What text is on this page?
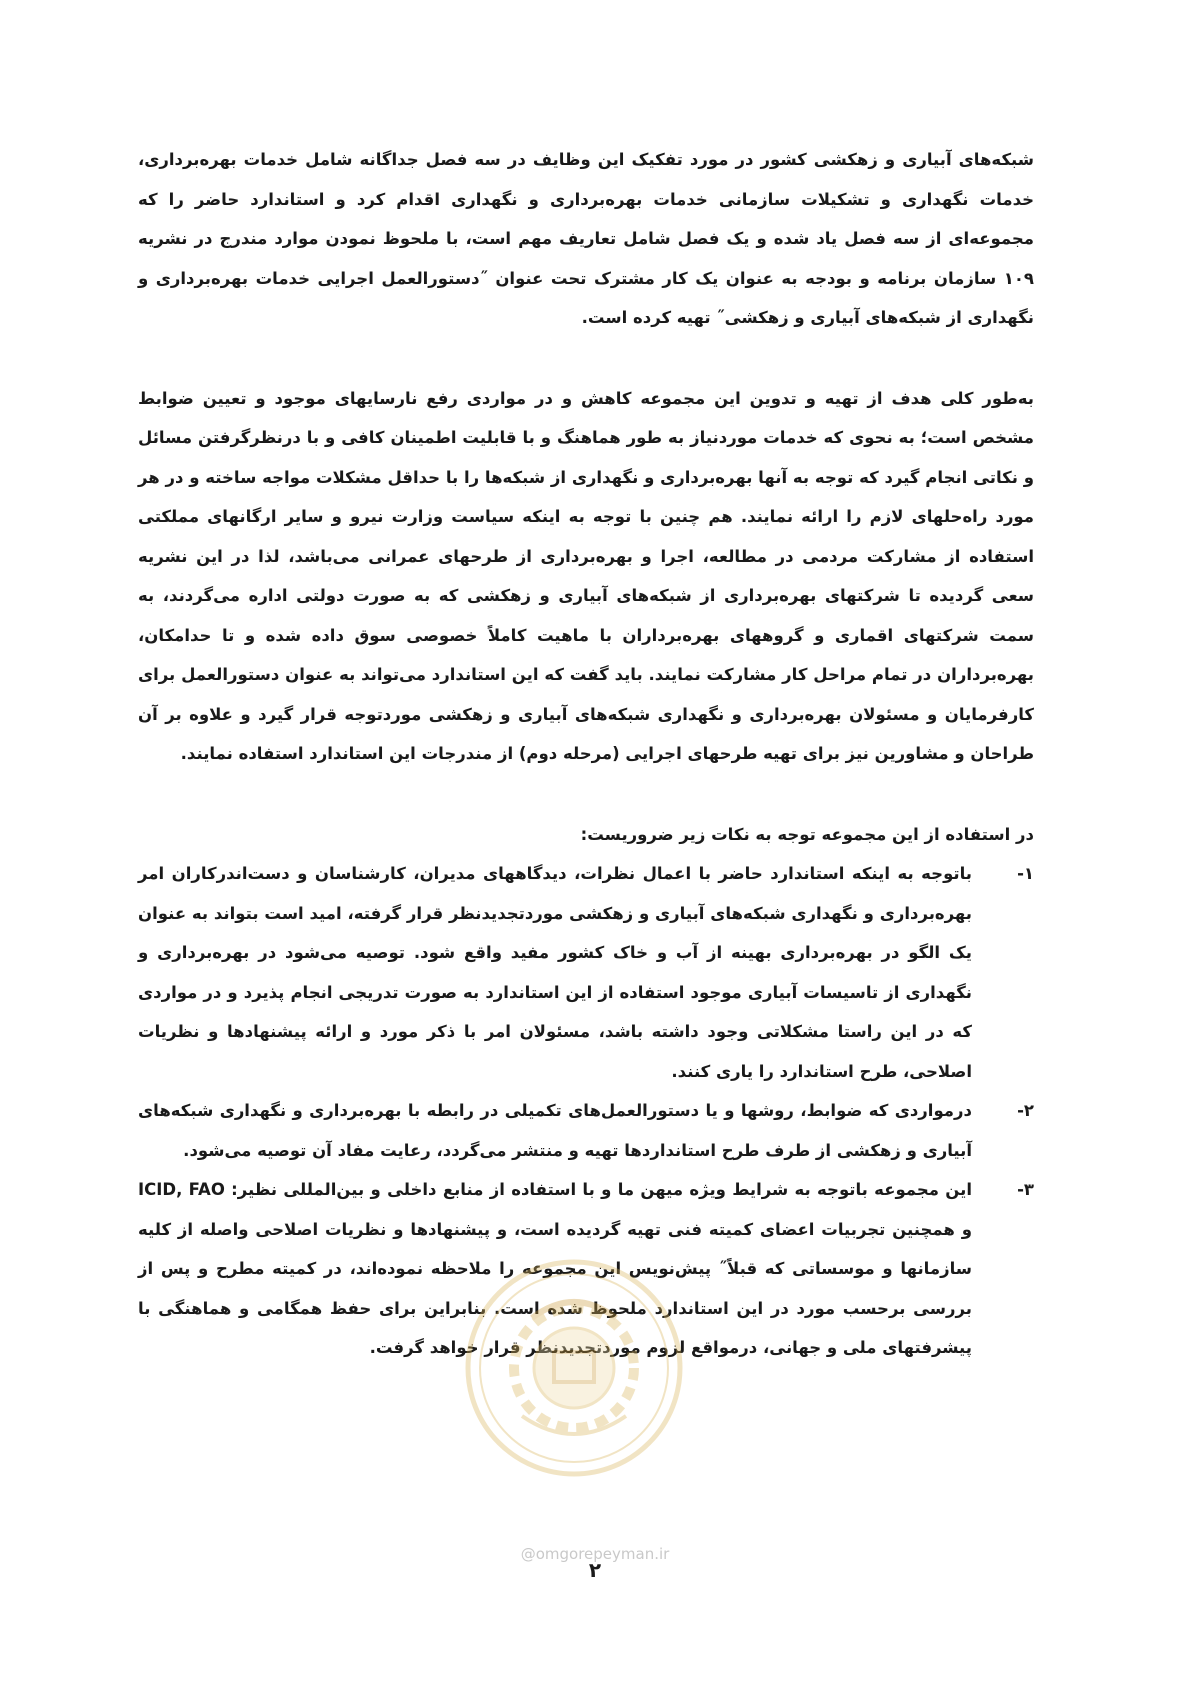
شبکه‌های آبیاری و زهکشی کشور در مورد تفکیک این وظایف در سه فصل جداگانه شامل خدمات بهره‌برداری، خدمات نگهداری و تشکیلات سازمانی خدمات بهره‌برداری و نگهداری اقدام کرد و استاندارد حاضر را که مجموعه‌ای از سه فصل یاد شده و یک فصل شامل تعاریف مهم است، با ملحوظ نمودن موارد مندرج در نشریه ۱۰۹ سازمان برنامه و بودجه به عنوان یک کار مشترک تحت عنوان ˝دستورالعمل اجرایی خدمات بهره‌برداری و نگهداری از شبکه‌های آبیاری و زهکشی˝ تهیه کرده است.

به‌طور کلی هدف از تهیه و تدوین این مجموعه کاهش و در مواردی رفع نارسایهای موجود و تعیین ضوابط مشخص است؛ به نحوی که خدمات موردنیاز به طور هماهنگ و با قابلیت اطمینان کافی و با درنظرگرفتن مسائل و نکاتی انجام گیرد که توجه به آنها بهره‌برداری و نگهداری از شبکه‌ها را با حداقل مشکلات مواجه ساخته و در هر مورد راه‌حلهای لازم را ارائه نمایند. هم چنین با توجه به اینکه سیاست وزارت نیرو و سایر ارگانهای مملکتی استفاده از مشارکت مردمی در مطالعه، اجرا و بهره‌برداری از طرحهای عمرانی می‌باشد، لذا در این نشریه سعی گردیده تا شرکتهای بهره‌برداری از شبکه‌های آبیاری و زهکشی که به صورت دولتی اداره می‌گردند، به سمت شرکتهای اقماری و گروههای بهره‌برداران با ماهیت کاملاً خصوصی سوق داده شده و تا حدامکان، بهره‌برداران در تمام مراحل کار مشارکت نمایند. باید گفت که این استاندارد می‌تواند به عنوان دستورالعمل برای کارفرمایان و مسئولان بهره‌برداری و نگهداری شبکه‌های آبیاری و زهکشی موردتوجه قرار گیرد و علاوه بر آن طراحان و مشاورین نیز برای تهیه طرحهای اجرایی (مرحله دوم) از مندرجات این استاندارد استفاده نمایند.

در استفاده از این مجموعه توجه به نکات زیر ضروریست:

۱-
باتوجه به اینکه استاندارد حاضر با اعمال نظرات، دیدگاههای مدیران، کارشناسان و دست‌اندرکاران امر بهره‌برداری و نگهداری شبکه‌های آبیاری و زهکشی موردتجدیدنظر قرار گرفته، امید است بتواند به عنوان یک الگو در بهره‌برداری بهینه از آب و خاک کشور مفید واقع شود. توصیه می‌شود در بهره‌برداری و نگهداری از تاسیسات آبیاری موجود استفاده از این استاندارد به صورت تدریجی انجام پذیرد و در مواردی که در این راستا مشکلاتی وجود داشته باشد، مسئولان امر با ذکر مورد و ارائه پیشنهادها و نظریات اصلاحی، طرح استاندارد را یاری کنند.
۲-
درمواردی که ضوابط، روشها و یا دستورالعمل‌های تکمیلی در رابطه با بهره‌برداری و نگهداری شبکه‌های آبیاری و زهکشی از طرف طرح استانداردها تهیه و منتشر می‌گردد، رعایت مفاد آن توصیه می‌شود.
۳-
این مجموعه باتوجه به شرایط ویژه میهن ما و با استفاده از منابع داخلی و بین‌المللی نظیر: ICID, FAO و همچنین تجربیات اعضای کمیته فنی تهیه گردیده است، و پیشنهادها و نظریات اصلاحی واصله از کلیه سازمانها و موسساتی که قبلاً˝ پیش‌نویس این مجموعه را ملاحظه نموده‌اند، در کمیته مطرح و پس از بررسی برحسب مورد در این استاندارد ملحوظ شده است. بنابراین برای حفظ همگامی و هماهنگی با پیشرفتهای ملی و جهانی، درمواقع لزوم موردتجدیدنظر قرار خواهد گرفت.
@omgorepeyman.ir
۲
